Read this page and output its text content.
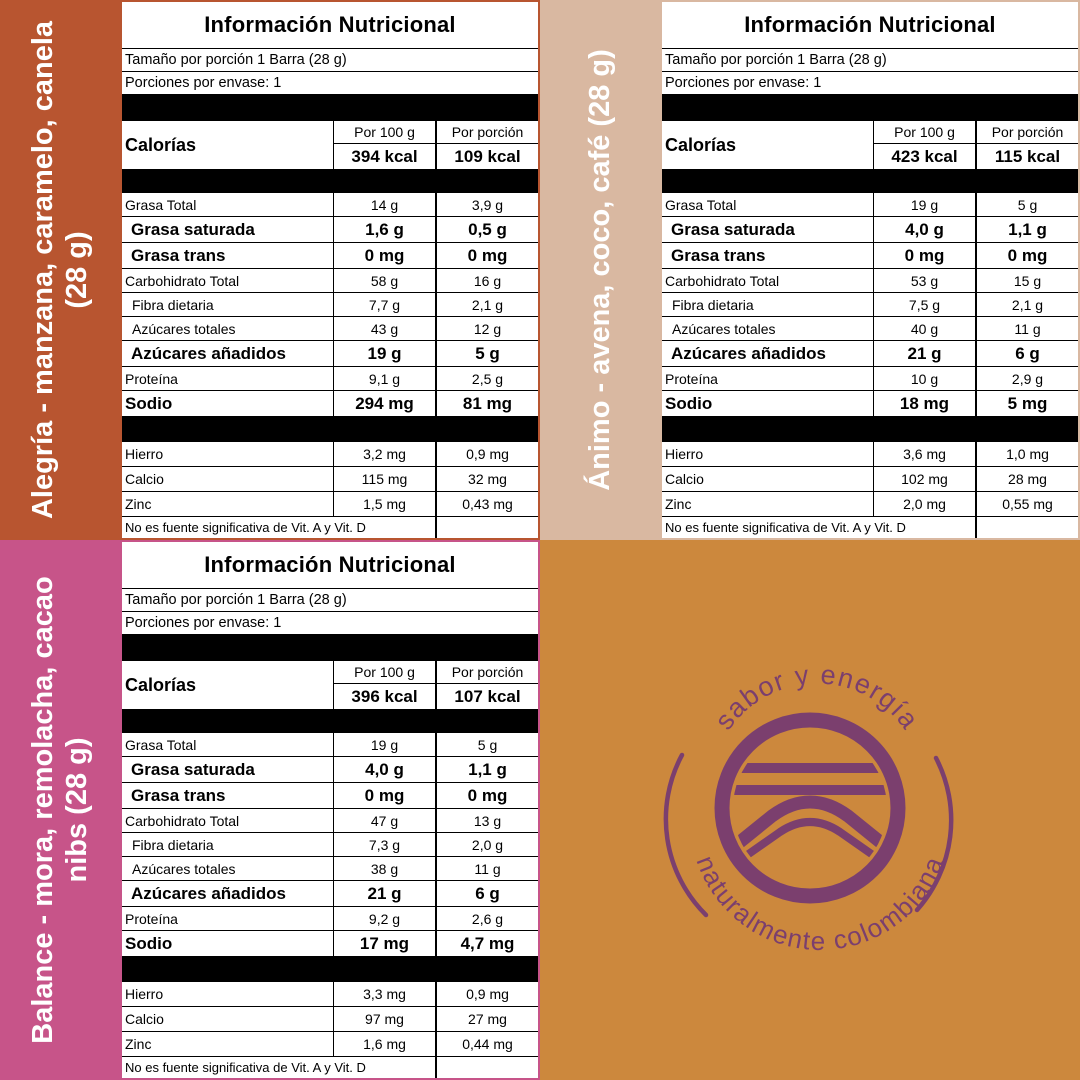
Alegría - manzana, caramelo, canela (28 g)
Información Nutricional
Tamaño por porción 1 Barra (28 g)
Porciones por envase: 1
Calorías
Por 100 g	Por porción
394 kcal	109 kcal
Grasa Total	14 g	3,9 g
Grasa saturada	1,6 g	0,5 g
Grasa trans	0 mg	0 mg
Carbohidrato Total	58 g	16 g
Fibra dietaria	7,7 g	2,1 g
Azúcares totales	43 g	12 g
Azúcares añadidos	19 g	5 g
Proteína	9,1 g	2,5 g
Sodio	294 mg	81 mg
Hierro	3,2 mg	0,9 mg
Calcio	115 mg	32 mg
Zinc	1,5 mg	0,43 mg
No es fuente significativa de Vit. A y Vit. D
Ánimo - avena, coco, café (28 g)
Información Nutricional
Tamaño por porción 1 Barra (28 g)
Porciones por envase: 1
Calorías
Por 100 g	Por porción
423 kcal	115 kcal
Grasa Total	19 g	5 g
Grasa saturada	4,0 g	1,1 g
Grasa trans	0 mg	0 mg
Carbohidrato Total	53 g	15 g
Fibra dietaria	7,5 g	2,1 g
Azúcares totales	40 g	11 g
Azúcares añadidos	21 g	6 g
Proteína	10 g	2,9 g
Sodio	18 mg	5 mg
Hierro	3,6 mg	1,0 mg
Calcio	102 mg	28 mg
Zinc	2,0 mg	0,55 mg
No es fuente significativa de Vit. A y Vit. D
Balance - mora, remolacha, cacao nibs (28 g)
Información Nutricional
Tamaño por porción 1 Barra (28 g)
Porciones por envase: 1
Calorías
Por 100 g	Por porción
396 kcal	107 kcal
Grasa Total	19 g	5 g
Grasa saturada	4,0 g	1,1 g
Grasa trans	0 mg	0 mg
Carbohidrato Total	47 g	13 g
Fibra dietaria	7,3 g	2,0 g
Azúcares totales	38 g	11 g
Azúcares añadidos	21 g	6 g
Proteína	9,2 g	2,6 g
Sodio	17 mg	4,7 mg
Hierro	3,3 mg	0,9 mg
Calcio	97 mg	27 mg
Zinc	1,6 mg	0,44 mg
No es fuente significativa de Vit. A y Vit. D
sabor y energía
naturalmente colombiana
